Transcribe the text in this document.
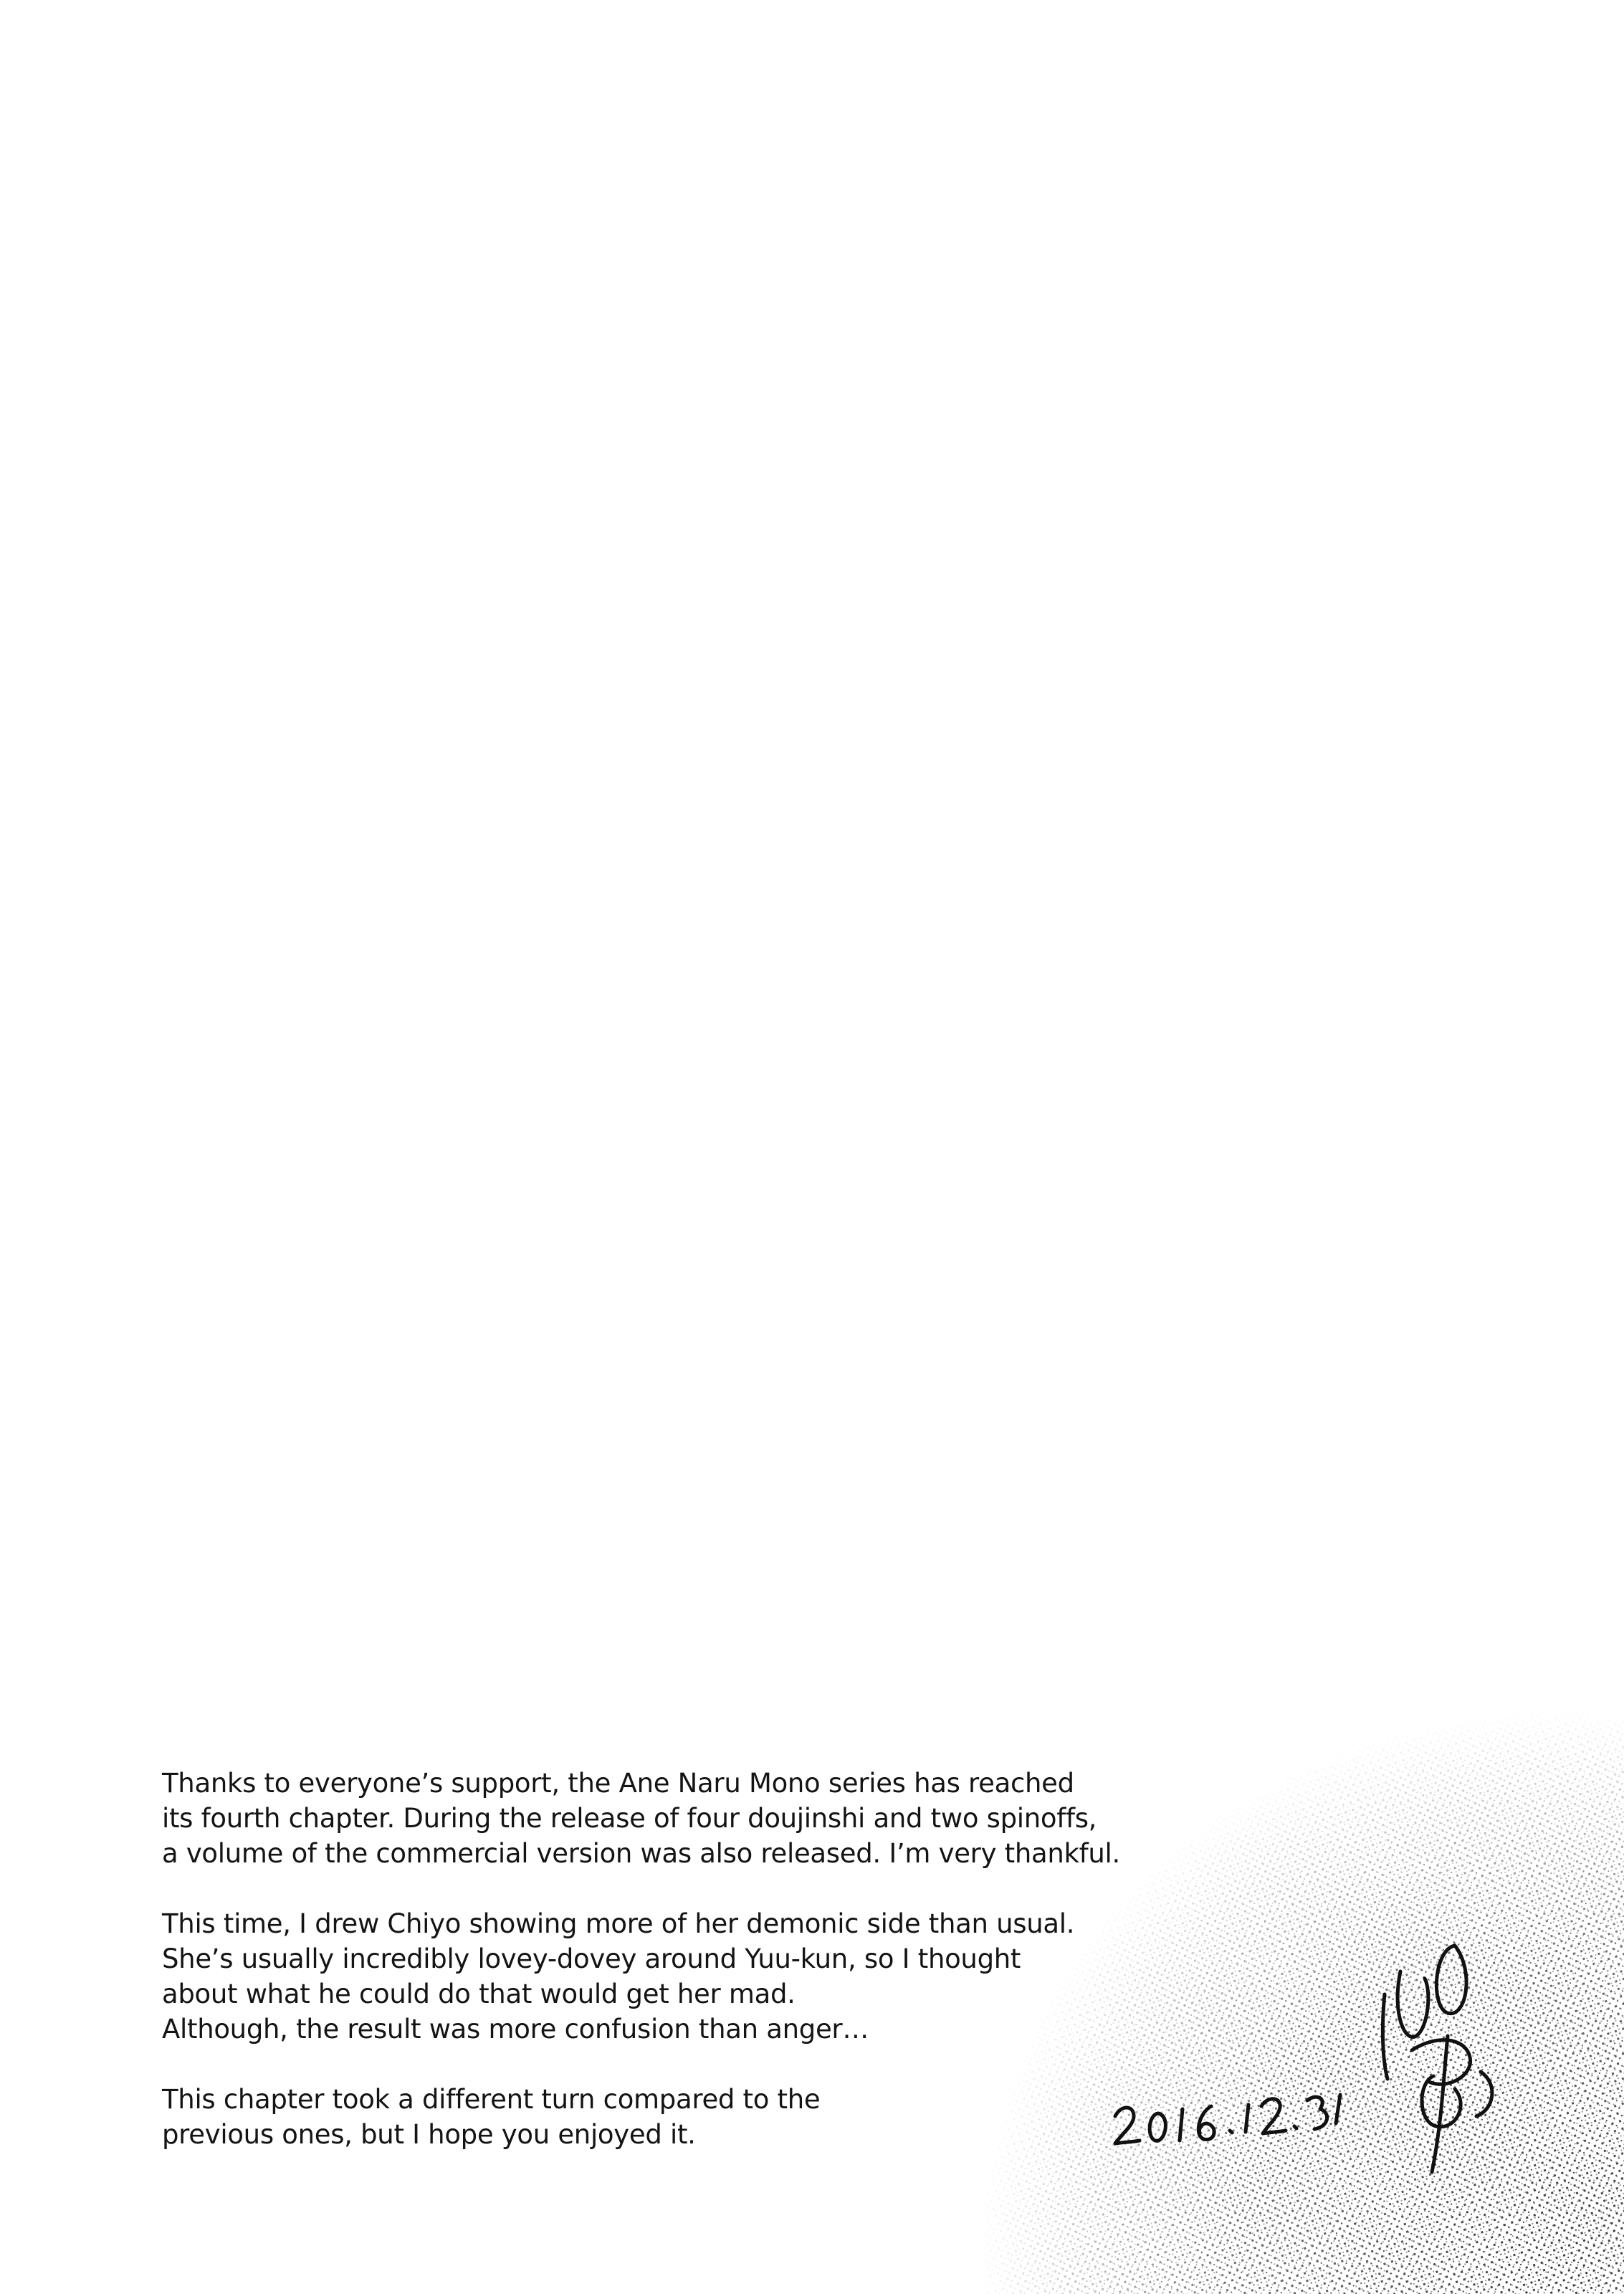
Thanks to everyone’s support, the Ane Naru Mono series has reached
its fourth chapter. During the release of four doujinshi and two spinoffs,
a volume of the commercial version was also released. I’m very thankful.

This time, I drew Chiyo showing more of her demonic side than usual.
She’s usually incredibly lovey-dovey around Yuu-kun, so I thought
about what he could do that would get her mad.
Although, the result was more confusion than anger…

This chapter took a different turn compared to the
previous ones, but I hope you enjoyed it.
